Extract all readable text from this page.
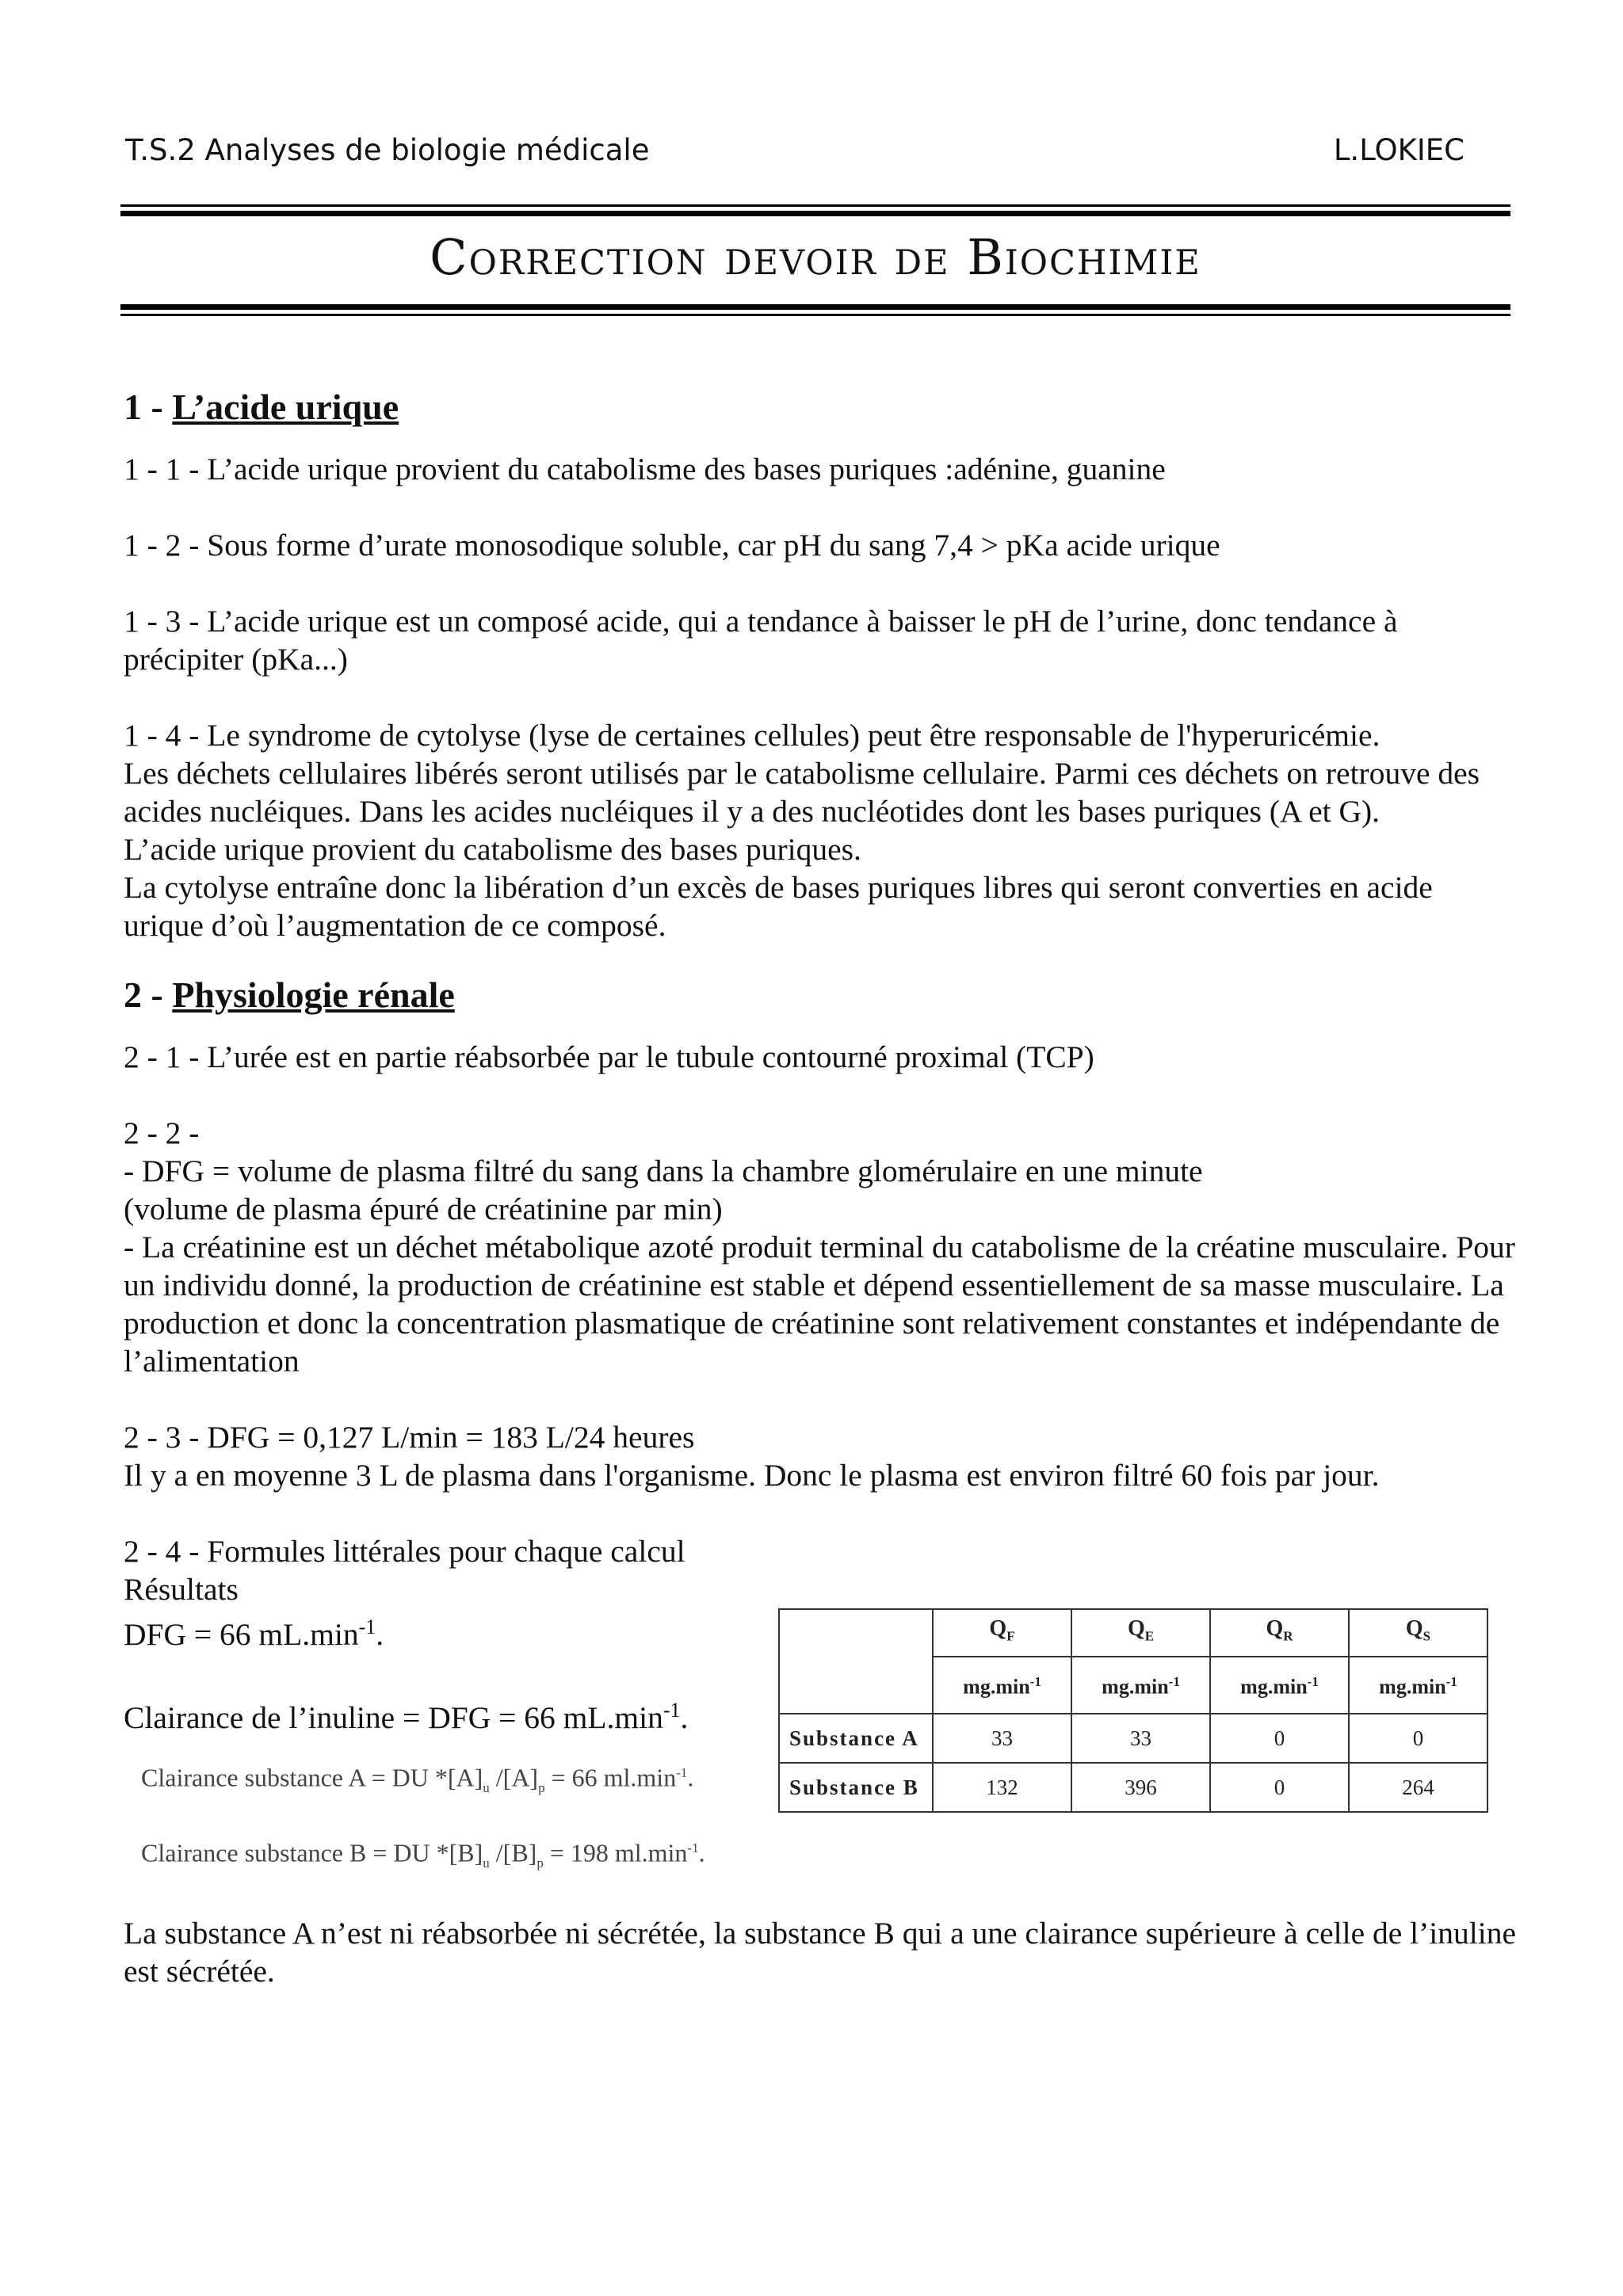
T.S.2 Analyses de biologie médicale	L.LOKIEC
Correction devoir de Biochimie
1 - L’acide urique

1 - 1 - L’acide urique provient du catabolisme des bases puriques :adénine, guanine

1 - 2 - Sous forme d’urate monosodique soluble, car pH du sang 7,4 > pKa acide urique

1 - 3 - L’acide urique est un composé acide, qui a tendance à baisser le pH de l’urine, donc tendance à précipiter (pKa...)

1 - 4 - Le syndrome de cytolyse (lyse de certaines cellules) peut être responsable de l'hyperuricémie.
Les déchets cellulaires libérés seront utilisés par le catabolisme cellulaire. Parmi ces déchets on retrouve des acides nucléiques. Dans les acides nucléiques il y a des nucléotides dont les bases puriques (A et G).
L’acide urique provient du catabolisme des bases puriques.
La cytolyse entraîne donc la libération d’un excès de bases puriques libres qui seront converties en acide urique d’où l’augmentation de ce composé.

2 - Physiologie rénale

2 - 1 - L’urée est en partie réabsorbée par le tubule contourné proximal (TCP)

2 - 2 -
- DFG = volume de plasma filtré du sang dans la chambre glomérulaire en une minute
(volume de plasma épuré de créatinine par min)
- La créatinine est un déchet métabolique azoté produit terminal du catabolisme de la créatine musculaire. Pour un individu donné, la production de créatinine est stable et dépend essentiellement de sa masse musculaire. La production et donc la concentration plasmatique de créatinine sont relativement constantes et indépendante de l’alimentation

2 - 3 - DFG = 0,127 L/min = 183 L/24 heures
Il y a en moyenne 3 L de plasma dans l'organisme. Donc le plasma est environ filtré 60 fois par jour.

2 - 4 - Formules littérales pour chaque calcul
Résultats
DFG = 66 $mL.\min^{-1}$.
Clairance de l’inuline = DFG = 66 $mL.\min^{-1}$.
Clairance substance A = DU $*[A]_u$ $/[A]_p = 66$ ml.min$^{-1}$.
Clairance substance B = DU $*[B]_u$ $/[B]_p = 198$ ml.min$^{-1}$.
	$Q_F$	$Q_E$	$Q_R$	$Q_S$
	mg.min$^{-1}$	mg.min$^{-1}$	mg.min$^{-1}$	mg.min$^{-1}$
Substance A	33	33	0	0
Substance B	132	396	0	264

La substance A n’est ni réabsorbée ni sécrétée, la substance B qui a une clairance supérieure à celle de l’inuline est sécrétée.
